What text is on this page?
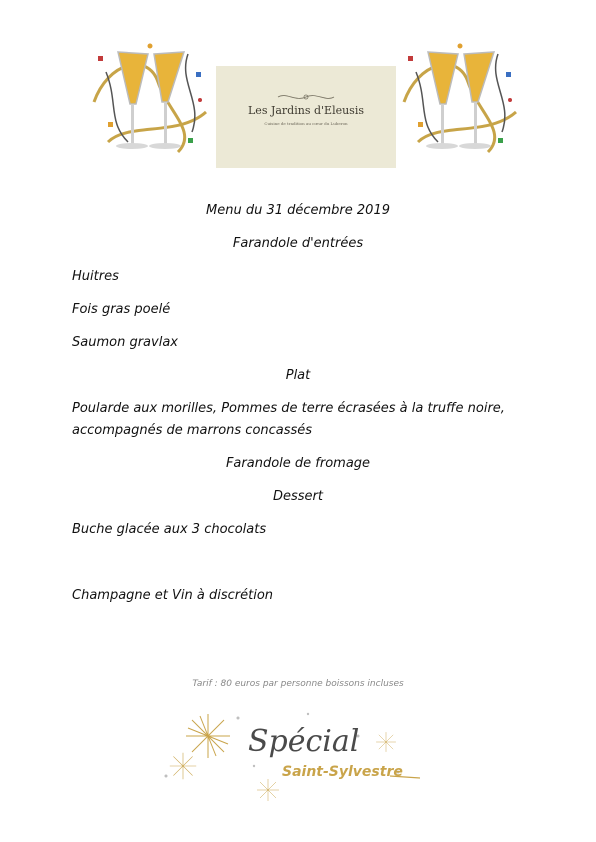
Les Jardins d'Eleusis
Cuisine de tradition au cœur du Luberon
Menu du 31 décembre 2019
Farandole d'entrées
Huitres
Fois gras poelé
Saumon gravlax
Plat
Poularde aux morilles, Pommes de terre écrasées à la truffe noire,
accompagnés de marrons concassés
Farandole de fromage
Dessert
Buche glacée aux 3 chocolats
Champagne et Vin à discrétion
Tarif : 80 euros par personne boissons incluses
Spécial
Saint-Sylvestre
